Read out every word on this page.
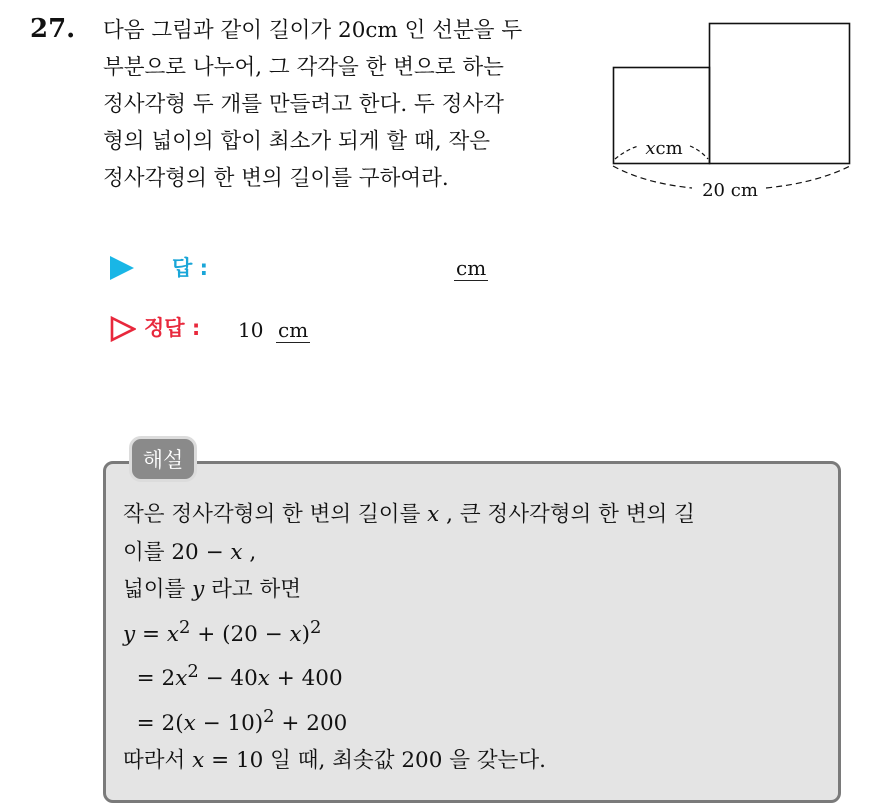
27. 다음 그림과 같이 길이가 20cm 인 선분을 두
부분으로 나누어, 그 각각을 한 변으로 하는
정사각형 두 개를 만들려고 한다. 두 정사각
형의 넓이의 합이 최소가 되게 할 때, 작은
정사각형의 한 변의 길이를 구하여라.
xcm
20 cm
답 :	cm
정답 : 10 cm
해설
작은 정사각형의 한 변의 길이를 x , 큰 정사각형의 한 변의 길
이를 20 − x ,
넓이를 y 라고 하면
$y = x^2 + (20 - x)^2$
= $2x^2 - 40x + 400$
= $2(x - 10)^2 + 200$
따라서 x = 10 일 때, 최솟값 200 을 갖는다.
